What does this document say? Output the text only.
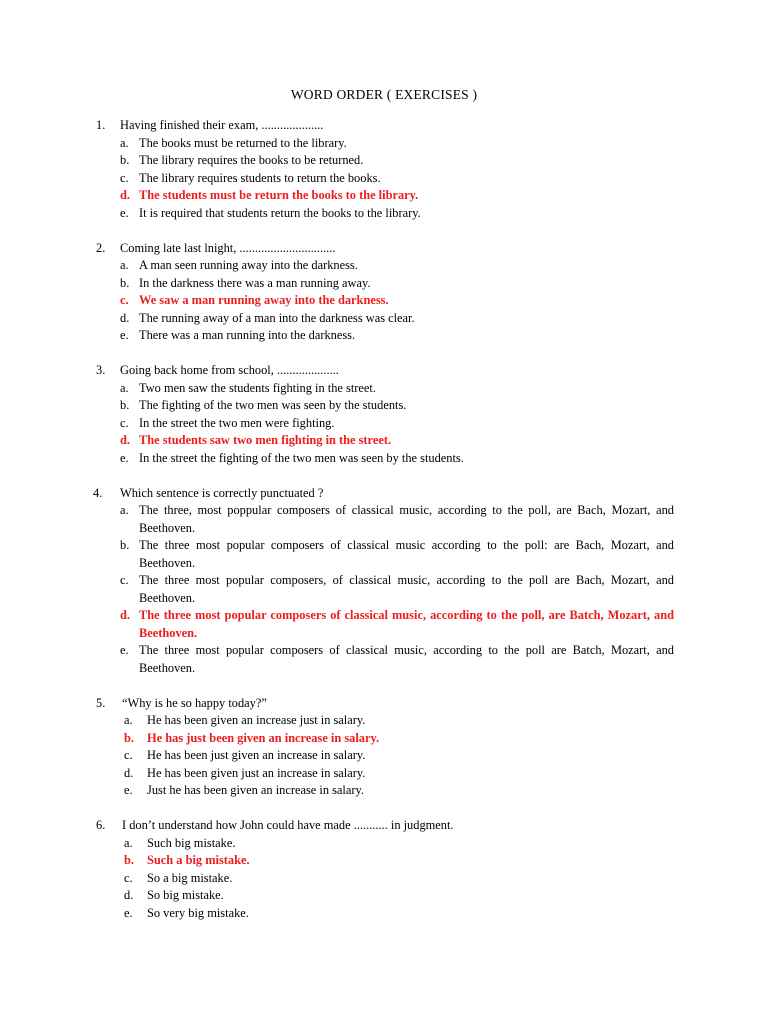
WORD ORDER ( EXERCISES )
1.	Having finished their exam, ....................
a. The books must be returned to the library.
b. The library requires the books to be returned.
c. The library requires students to return the books.
d. The students must be return the books to the library.
e. It is required that students return the books to the library.
2.	Coming late last lnight, ...............................
a. A man seen running away into the darkness.
b. In the darkness there was a man running away.
c. We saw a man running away into the darkness.
d. The running away of a man into the darkness was clear.
e. There was a man running into the darkness.
3.	Going back home from school, ....................
a. Two men saw the students fighting in the street.
b. The fighting of the two men was seen by the students.
c. In the street the two men were fighting.
d. The students saw two men fighting in the street.
e. In the street the fighting of the two men was seen by the students.
4.	Which sentence is correctly punctuated ?
a. The three, most poppular composers of classical music, according to the poll, are Bach, Mozart, and Beethoven.
b. The three most popular composers of classical music according to the poll: are Bach, Mozart, and Beethoven.
c. The three most popular composers, of classical music, according to the poll are Bach, Mozart, and Beethoven.
d. The three most popular composers of classical music, according to the poll, are Batch, Mozart, and Beethoven.
e. The three most popular composers of classical music, according to the poll are Batch, Mozart, and Beethoven.
5.	“Why is he so happy today?”
a.	He has been given an increase just in salary.
b.	He has just been given an increase in salary.
c.	He has been just given an increase in salary.
d.	He has been given just an increase in salary.
e.	Just he has been given an increase in salary.
6.	I don’t understand how John could have made ........... in judgment.
a.	Such big mistake.
b.	Such a big mistake.
c.	So a big mistake.
d.	So big mistake.
e.	So very big mistake.
